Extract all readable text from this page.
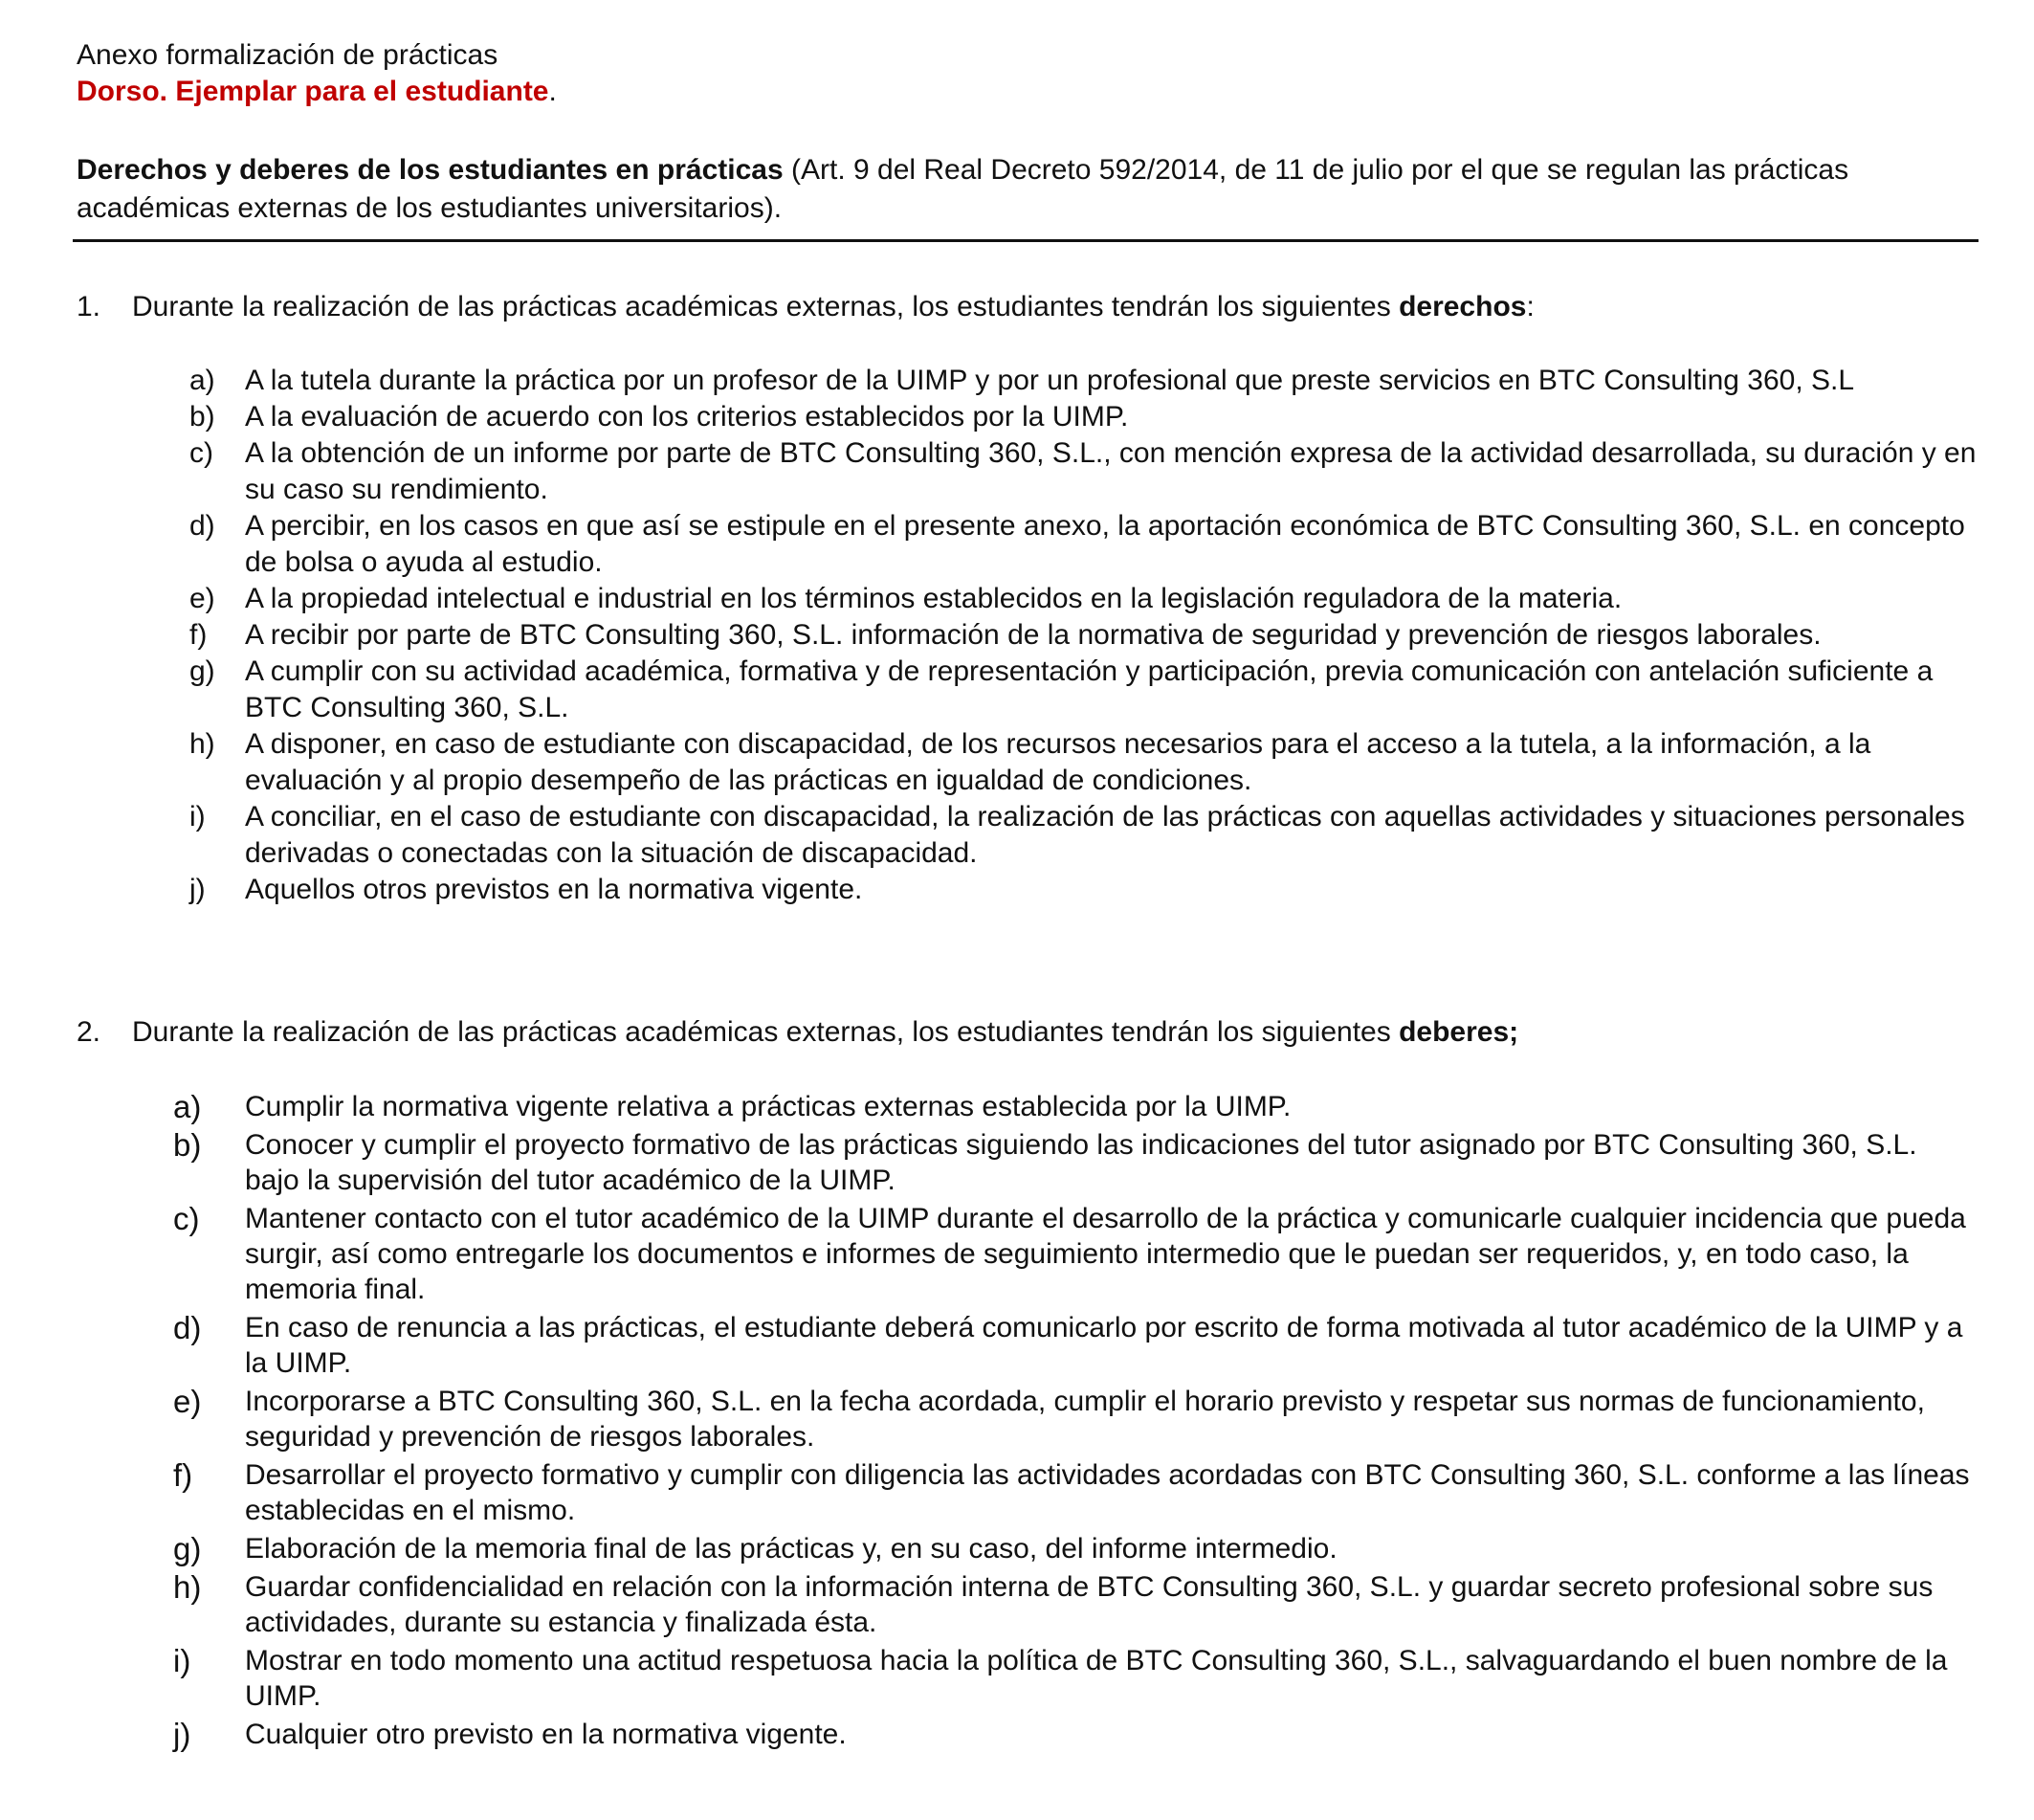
Anexo formalización de prácticas
Dorso. Ejemplar para el estudiante.
Derechos y deberes de los estudiantes en prácticas (Art. 9 del Real Decreto 592/2014, de 11 de julio por el que se regulan las prácticas académicas externas de los estudiantes universitarios).
1. Durante la realización de las prácticas académicas externas, los estudiantes tendrán los siguientes derechos:
a) A la tutela durante la práctica por un profesor de la UIMP y por un profesional que preste servicios en BTC Consulting 360, S.L
b) A la evaluación de acuerdo con los criterios establecidos por la UIMP.
c) A la obtención de un informe por parte de BTC Consulting 360, S.L., con mención expresa de la actividad desarrollada, su duración y en su caso su rendimiento.
d) A percibir, en los casos en que así se estipule en el presente anexo, la aportación económica de BTC Consulting 360, S.L. en concepto de bolsa o ayuda al estudio.
e) A la propiedad intelectual e industrial en los términos establecidos en la legislación reguladora de la materia.
f) A recibir por parte de BTC Consulting 360, S.L. información de la normativa de seguridad y prevención de riesgos laborales.
g) A cumplir con su actividad académica, formativa y de representación y participación, previa comunicación con antelación suficiente a BTC Consulting 360, S.L.
h) A disponer, en caso de estudiante con discapacidad, de los recursos necesarios para el acceso a la tutela, a la información, a la evaluación y al propio desempeño de las prácticas en igualdad de condiciones.
i) A conciliar, en el caso de estudiante con discapacidad, la realización de las prácticas con aquellas actividades y situaciones personales derivadas o conectadas con la situación de discapacidad.
j) Aquellos otros previstos en la normativa vigente.
2. Durante la realización de las prácticas académicas externas, los estudiantes tendrán los siguientes deberes;
a) Cumplir la normativa vigente relativa a prácticas externas establecida por la UIMP.
b) Conocer y cumplir el proyecto formativo de las prácticas siguiendo las indicaciones del tutor asignado por BTC Consulting 360, S.L. bajo la supervisión del tutor académico de la UIMP.
c) Mantener contacto con el tutor académico de la UIMP durante el desarrollo de la práctica y comunicarle cualquier incidencia que pueda surgir, así como entregarle los documentos e informes de seguimiento intermedio que le puedan ser requeridos, y, en todo caso, la memoria final.
d) En caso de renuncia a las prácticas, el estudiante deberá comunicarlo por escrito de forma motivada al tutor académico de la UIMP y a la UIMP.
e) Incorporarse a BTC Consulting 360, S.L. en la fecha acordada, cumplir el horario previsto y respetar sus normas de funcionamiento, seguridad y prevención de riesgos laborales.
f) Desarrollar el proyecto formativo y cumplir con diligencia las actividades acordadas con BTC Consulting 360, S.L. conforme a las líneas establecidas en el mismo.
g) Elaboración de la memoria final de las prácticas y, en su caso, del informe intermedio.
h) Guardar confidencialidad en relación con la información interna de BTC Consulting 360, S.L. y guardar secreto profesional sobre sus actividades, durante su estancia y finalizada ésta.
i) Mostrar en todo momento una actitud respetuosa hacia la política de BTC Consulting 360, S.L., salvaguardando el buen nombre de la UIMP.
j) Cualquier otro previsto en la normativa vigente.
